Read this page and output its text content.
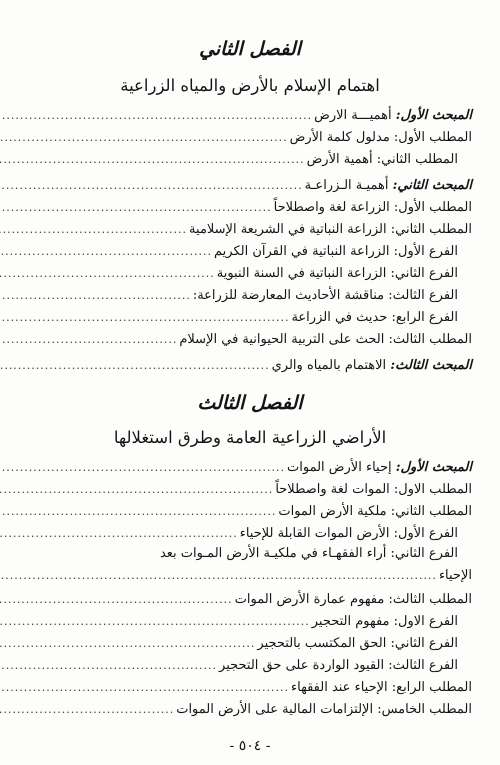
الفصل الثاني
اهتمام الإسلام بالأرض والمياه الزراعية
المبحث الأول:

أهميـــة الارض
.....
المطلب الأول: مدلول كلمة الأرض
.....
المطلب الثاني: أهمية الأرض
.....
المبحث الثاني:

أهميـة الـزراعـة
.....
المطلب الأول: الزراعة لغة واصطلاحاً
.....
المطلب الثاني: الزراعة النباتية في الشريعة الإسلامية
.....
الفرع الأول: الزراعة النباتية في القرآن الكريم
.....
الفرع الثاني: الزراعة النباتية في السنة النبوية
.....
الفرع الثالث: مناقشة الأحاديث المعارضة للزراعة:
.....
الفرع الرابع: حديث في الزراعة
.....
المطلب الثالث: الحث على التربية الحيوانية في الإسلام
.....
المبحث الثالث:

الاهتمام بالمياه والري
.....
الفصل الثالث
الأراضي الزراعية العامة وطرق استغلالها
المبحث الأول:

إحياء الأرض الموات
.....
المطلب الاول: الموات لغة واصطلاحاً
.....
المطلب الثاني: ملكية الأرض الموات
.....
الفرع الأول: الأرض الموات القابلة للإحياء
.....
الفرع الثاني: أراء الفقهـاء في ملكيـة الأرض المـوات بعد
الإحياء
.....
المطلب الثالث: مفهوم عمارة الأرض الموات
.....
الفرع الاول: مفهوم التحجير
.....
الفرع الثاني: الحق المكتسب بالتحجير
.....
الفرع الثالث: القيود الواردة على حق التحجير
.....
المطلب الرابع: الإحياء عند الفقهاء
.....
المطلب الخامس: الإلتزامات المالية على الأرض الموات
.....
- ٥٠٤ -
